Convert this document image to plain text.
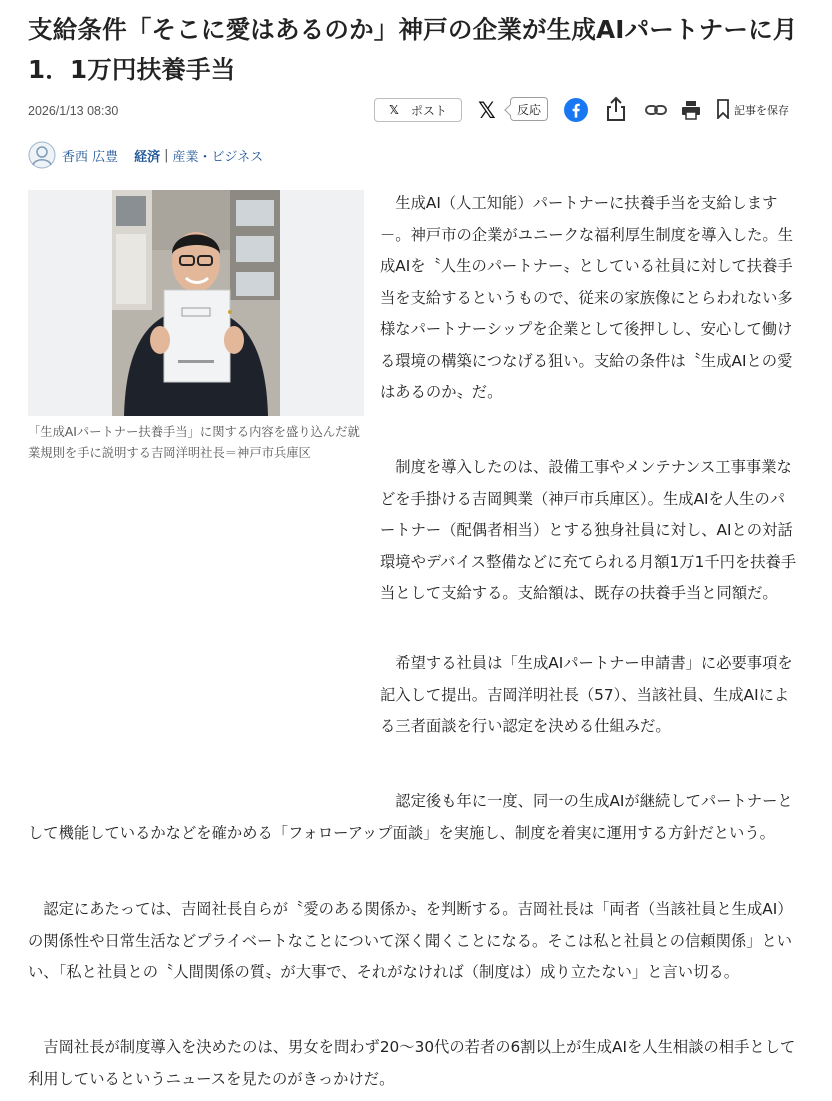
支給条件「そこに愛はあるのか」神戸の企業が生成AIパートナーに月1．1万円扶養手当
2026/1/13 08:30	𝕏 ポスト 𝕏	反応	記事を保存
香西 広豊 経済 | 産業・ビジネス

「生成AIパートナー扶養手当」に関する内容を盛り込んだ就業規則を手に説明する吉岡洋明社長＝神戸市兵庫区

生成AI（人工知能）パートナーに扶養手当を支給します－。神戸市の企業がユニークな福利厚生制度を導入した。生成AIを〝人生のパートナー〟としている社員に対して扶養手当を支給するというもので、従来の家族像にとらわれない多様なパートナーシップを企業として後押しし、安心して働ける環境の構築につなげる狙い。支給の条件は〝生成AIとの愛はあるのか〟だ。

制度を導入したのは、設備工事やメンテナンス工事事業などを手掛ける吉岡興業（神戸市兵庫区）。生成AIを人生のパートナー（配偶者相当）とする独身社員に対し、AIとの対話環境やデバイス整備などに充てられる月額1万1千円を扶養手当として支給する。支給額は、既存の扶養手当と同額だ。

希望する社員は「生成AIパートナー申請書」に必要事項を記入して提出。吉岡洋明社長（57）、当該社員、生成AIによる三者面談を行い認定を決める仕組みだ。

認定後も年に一度、同一の生成AIが継続してパートナーとして機能しているかなどを確かめる「フォローアップ面談」を実施し、制度を着実に運用する方針だという。

認定にあたっては、吉岡社長自らが〝愛のある関係か〟を判断する。吉岡社長は「両者（当該社員と生成AI）の関係性や日常生活などプライベートなことについて深く聞くことになる。そこは私と社員との信頼関係」といい、「私と社員との〝人間関係の質〟が大事で、それがなければ（制度は）成り立たない」と言い切る。

吉岡社長が制度導入を決めたのは、男女を問わず20～30代の若者の6割以上が生成AIを人生相談の相手として利用しているというニュースを見たのがきっかけだ。
